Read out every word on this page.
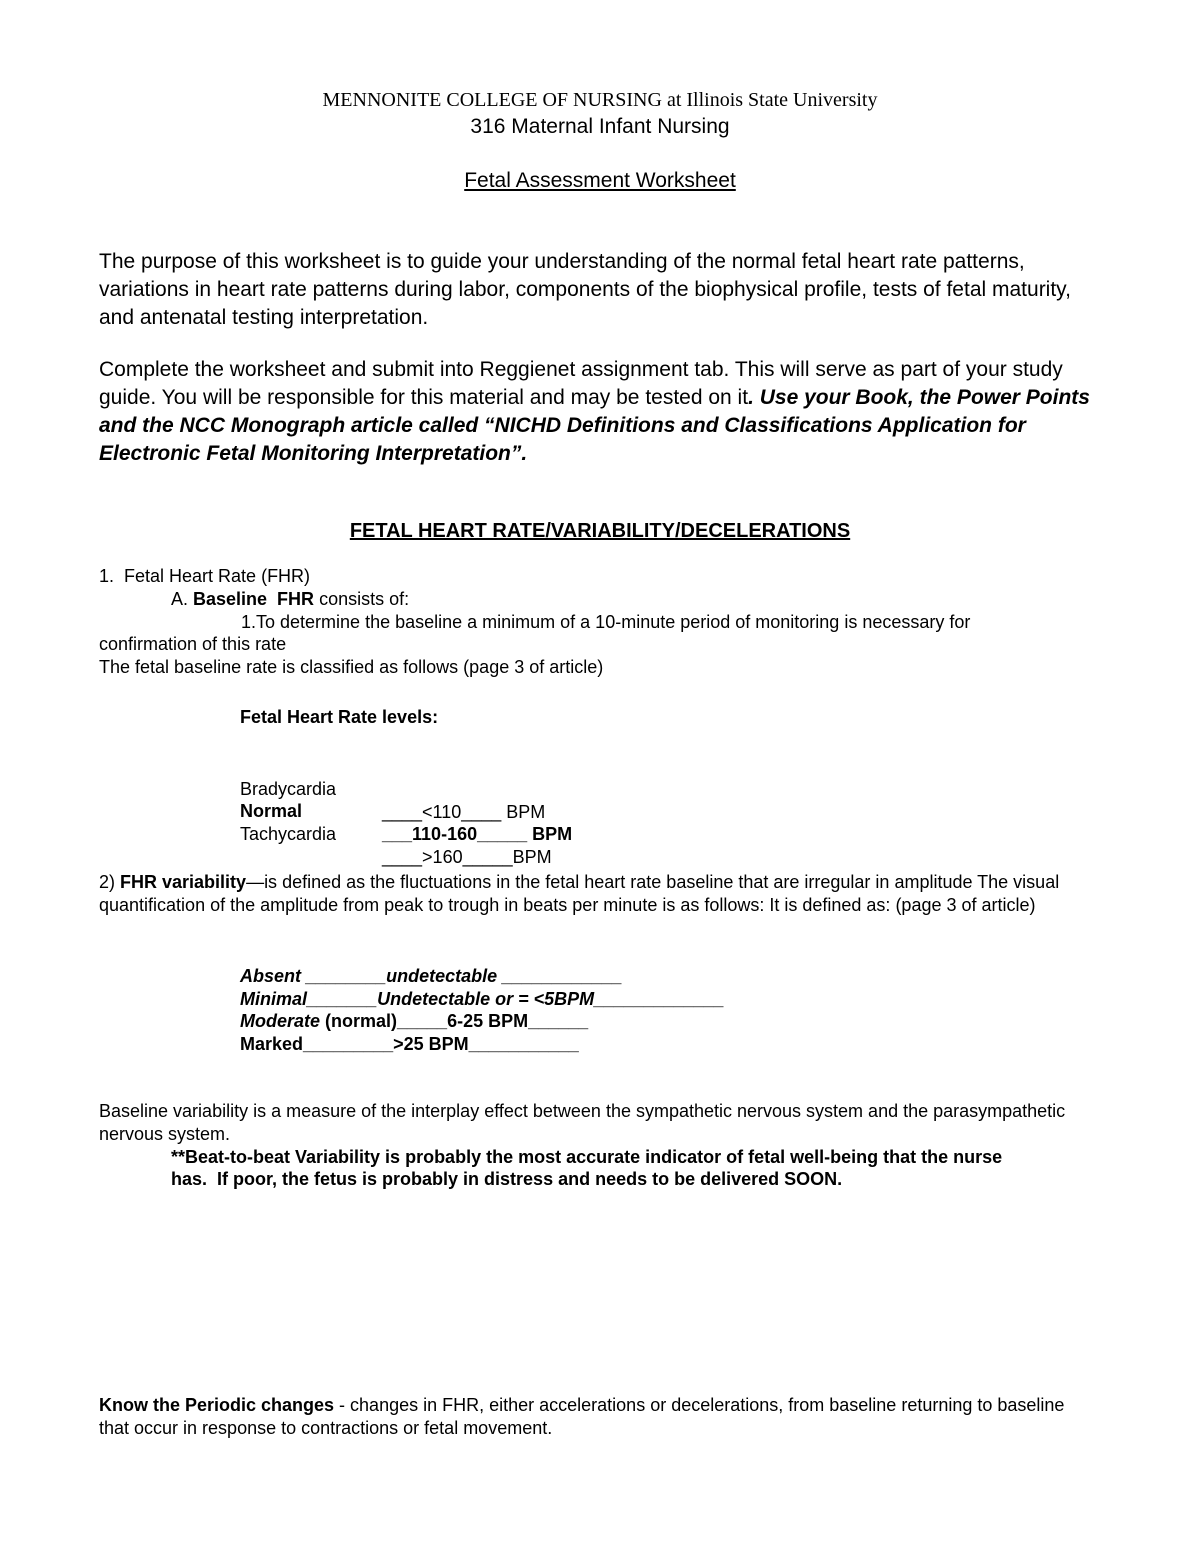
MENNONITE COLLEGE OF NURSING at Illinois State University
316 Maternal Infant Nursing
Fetal Assessment Worksheet
The purpose of this worksheet is to guide your understanding of the normal fetal heart rate patterns, variations in heart rate patterns during labor, components of the biophysical profile, tests of fetal maturity, and antenatal testing interpretation.
Complete the worksheet and submit into Reggienet assignment tab. This will serve as part of your study guide. You will be responsible for this material and may be tested on it. Use your Book, the Power Points and the NCC Monograph article called “NICHD Definitions and Classifications Application for Electronic Fetal Monitoring Interpretation”.
FETAL HEART RATE/VARIABILITY/DECELERATIONS
1.  Fetal Heart Rate (FHR)
A. Baseline  FHR consists of:
1.To determine the baseline a minimum of a 10-minute period of monitoring is necessary for
confirmation of this rate
The fetal baseline rate is classified as follows (page 3 of article)
Fetal Heart Rate levels:

Bradycardia

____<110____ BPM

Normal

___110-160_____ BPM

Tachycardia

____>160_____BPM

2) FHR variability—is defined as the fluctuations in the fetal heart rate baseline that are irregular in amplitude The visual quantification of the amplitude from peak to trough in beats per minute is as follows: It is defined as: (page 3 of article)
Absent ________undetectable ____________
Minimal_______Undetectable or = <5BPM_____________
Moderate (normal)_____6-25 BPM______
Marked_________>25 BPM___________
Baseline variability is a measure of the interplay effect between the sympathetic nervous system and the parasympathetic nervous system.
**Beat-to-beat Variability is probably the most accurate indicator of fetal well-being that the nurse
has.  If poor, the fetus is probably in distress and needs to be delivered SOON.
Know the Periodic changes - changes in FHR, either accelerations or decelerations, from baseline returning to baseline that occur in response to contractions or fetal movement.
